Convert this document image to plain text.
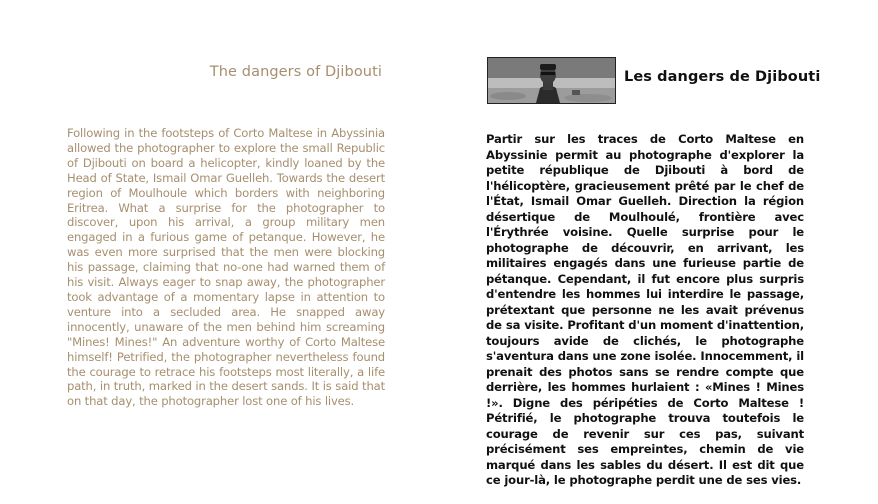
The dangers of Djibouti
Following in the footsteps of Corto Maltese in Abyssinia allowed the photographer to explore the small Republic of Djibouti on board a helicopter, kindly loaned by the Head of State, Ismail Omar Guelleh. Towards the desert region of Moulhoule which borders with neighboring Eritrea. What a surprise for the photographer to discover, upon his arrival, a group military men engaged in a furious game of petanque. However, he was even more surprised that the men were blocking his passage, claiming that no-one had warned them of his visit. Always eager to snap away, the photographer took advantage of a momentary lapse in attention to venture into a secluded area. He snapped away innocently, unaware of the men behind him screaming "Mines! Mines!" An adventure worthy of Corto Maltese himself! Petrified, the photographer nevertheless found the courage to retrace his footsteps most literally, a life path, in truth, marked in the desert sands. It is said that on that day, the photographer lost one of his lives.
Les dangers de Djibouti
Partir sur les traces de Corto Maltese en Abyssinie permit au photographe d'explorer la petite république de Djibouti à bord de l'hélicoptère, gracieusement prêté par le chef de l'État, Ismail Omar Guelleh. Direction la région désertique de Moulhoulé, frontière avec l'Érythrée voisine. Quelle surprise pour le photographe de découvrir, en arrivant, les militaires engagés dans une furieuse partie de pétanque. Cependant, il fut encore plus surpris d'entendre les hommes lui interdire le passage, prétextant que personne ne les avait prévenus de sa visite. Profitant d'un moment d'inattention, toujours avide de clichés, le photographe s'aventura dans une zone isolée. Innocemment, il prenait des photos sans se rendre compte que derrière, les hommes hurlaient : «Mines ! Mines !». Digne des péripéties de Corto Maltese ! Pétrifié, le photographe trouva toutefois le courage de revenir sur ces pas, suivant précisément ses empreintes, chemin de vie marqué dans les sables du désert. Il est dit que ce jour-là, le photographe perdit une de ses vies.
